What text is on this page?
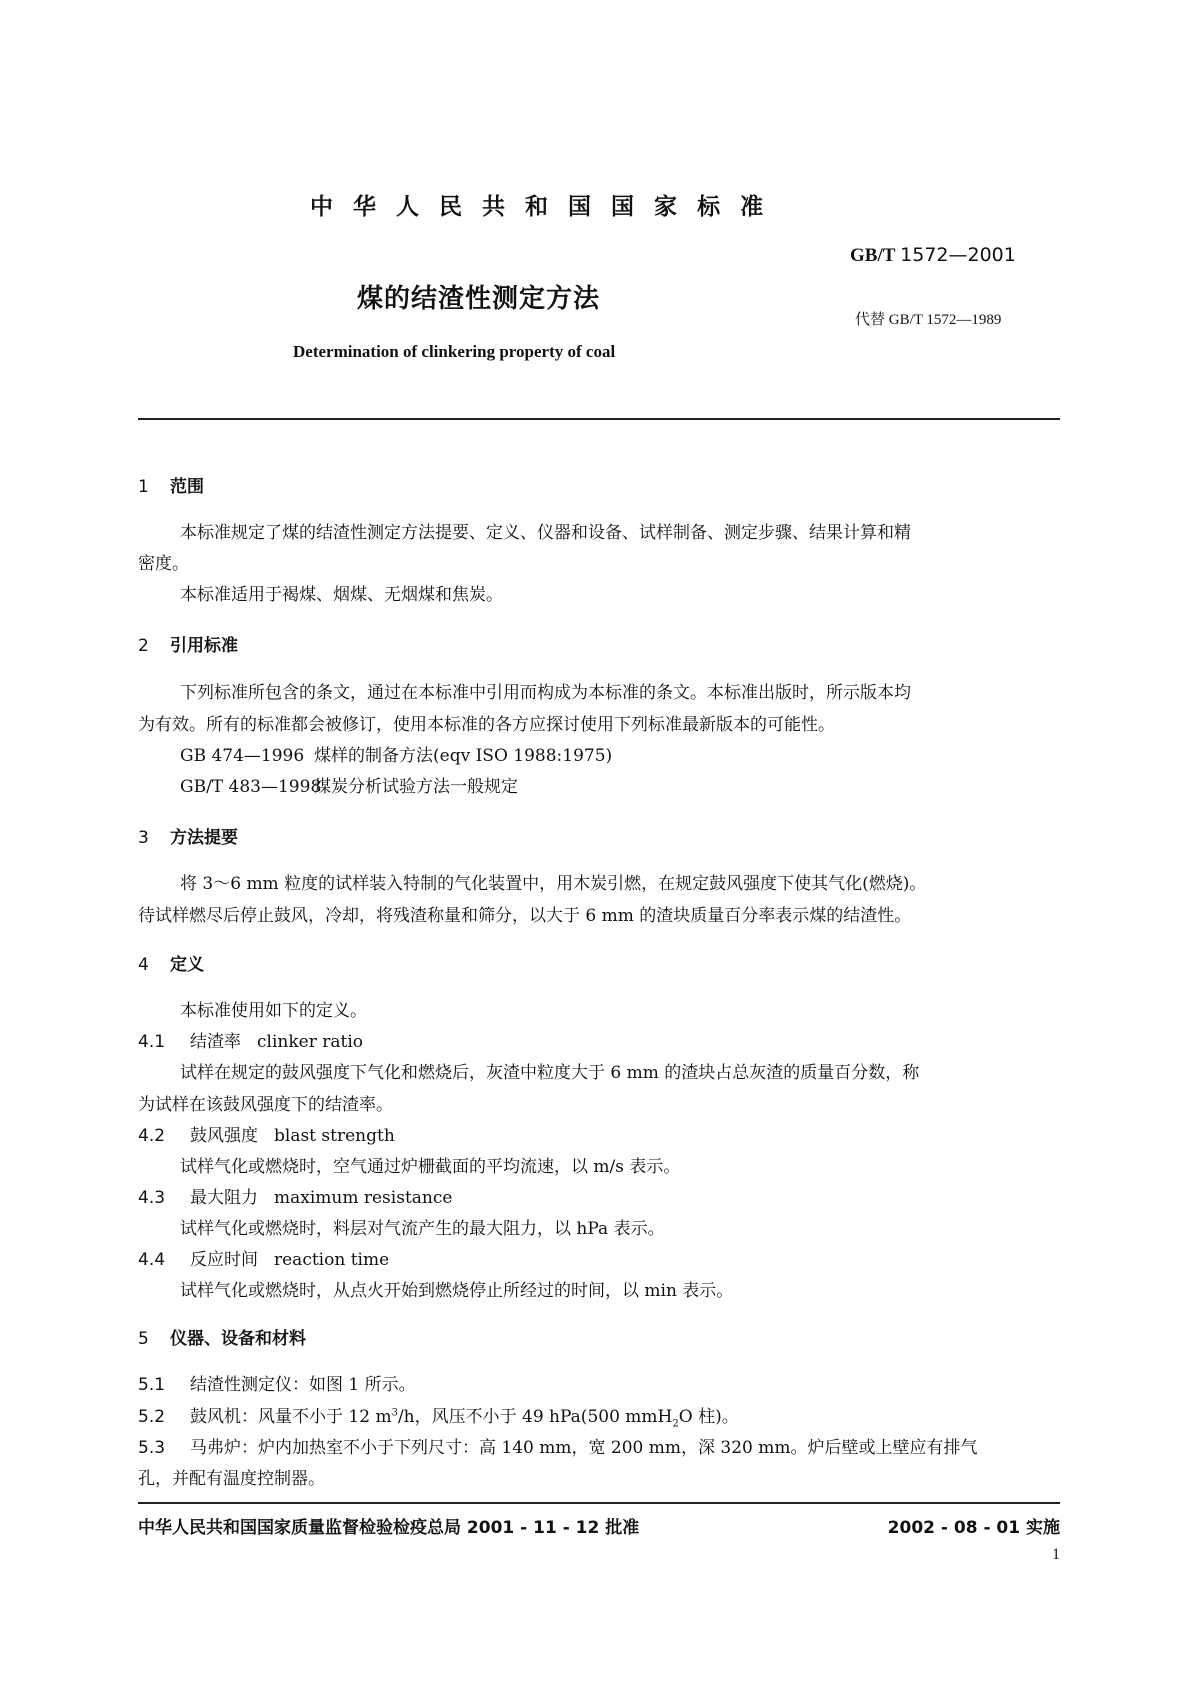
中 华 人 民 共 和 国 国 家 标 准
GB/T 1572—2001
煤的结渣性测定方法
代替 GB/T 1572—1989
Determination of clinkering property of coal
1 范围
本标准规定了煤的结渣性测定方法提要、定义、仪器和设备、试样制备、测定步骤、结果计算和精
密度。
本标准适用于褐煤、烟煤、无烟煤和焦炭。
2 引用标准
下列标准所包含的条文，通过在本标准中引用而构成为本标准的条文。本标准出版时，所示版本均
为有效。所有的标准都会被修订，使用本标准的各方应探讨使用下列标准最新版本的可能性。
GB 474—1996 煤样的制备方法(eqv ISO 1988:1975)
GB/T 483—1998煤炭分析试验方法一般规定
3 方法提要
将 3～6 mm 粒度的试样装入特制的气化装置中，用木炭引燃，在规定鼓风强度下使其气化(燃烧)。
待试样燃尽后停止鼓风，冷却，将残渣称量和筛分，以大于 6 mm 的渣块质量百分率表示煤的结渣性。
4 定义
本标准使用如下的定义。
4.1 结渣率 clinker ratio
试样在规定的鼓风强度下气化和燃烧后，灰渣中粒度大于 6 mm 的渣块占总灰渣的质量百分数，称
为试样在该鼓风强度下的结渣率。
4.2 鼓风强度 blast strength
试样气化或燃烧时，空气通过炉栅截面的平均流速，以 m/s 表示。
4.3 最大阻力 maximum resistance
试样气化或燃烧时，料层对气流产生的最大阻力，以 hPa 表示。
4.4 反应时间 reaction time
试样气化或燃烧时，从点火开始到燃烧停止所经过的时间，以 min 表示。
5 仪器、设备和材料
5.1 结渣性测定仪：如图 1 所示。
5.2 鼓风机：风量不小于 12 $m^3/h$，风压不小于 49 hPa(500 mmH$_2$O 柱)。
5.3 马弗炉：炉内加热室不小于下列尺寸：高 140 mm，宽 200 mm，深 320 mm。炉后壁或上壁应有排气
孔，并配有温度控制器。
中华人民共和国国家质量监督检验检疫总局 2001 - 11 - 12 批准	2002 - 08 - 01 实施
1
